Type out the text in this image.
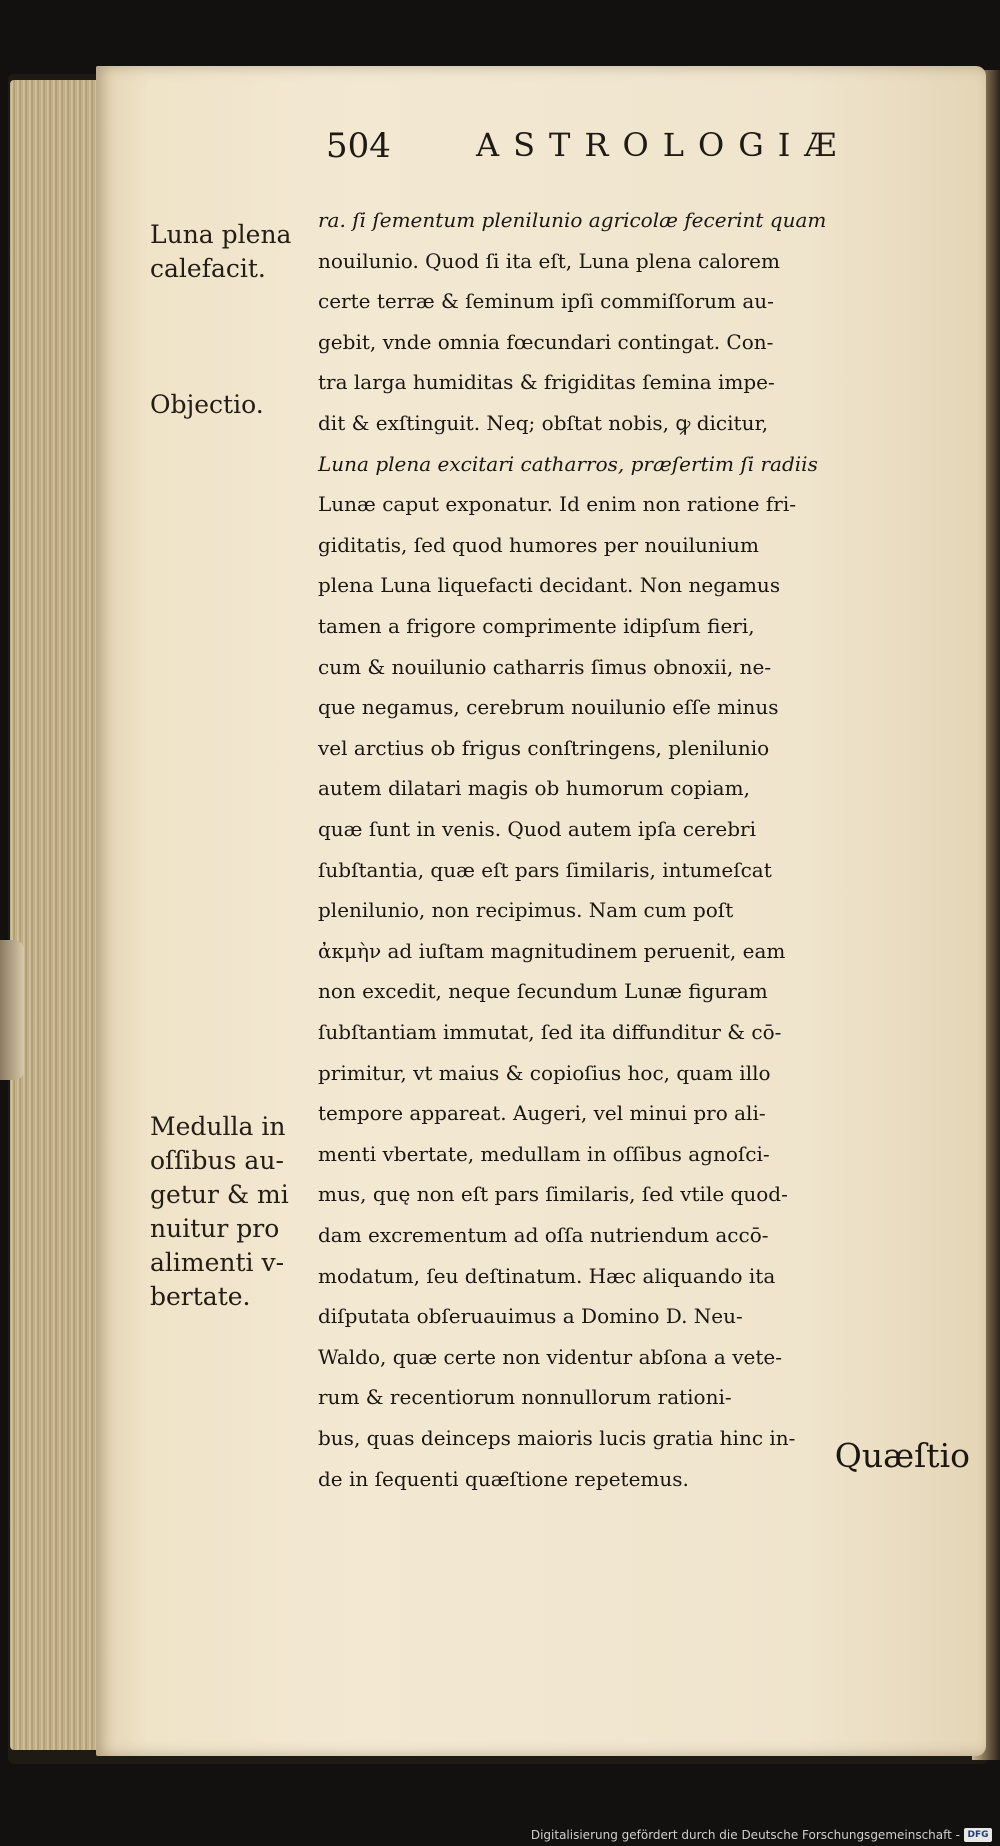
504	ASTROLOGIÆ
ra. ſi ſementum plenilunio agricolæ fecerint quam
nouilunio. Quod ſi ita eſt, Luna plena calorem
certe terræ & ſeminum ipſi commiſſorum au-
gebit, vnde omnia fœcundari contingat. Con-
tra larga humiditas & frigiditas ſemina impe-
dit & exſtinguit. Neq; obſtat nobis, ꝙ dicitur,
Luna plena excitari catharros, præſertim ſi radiis
Lunæ caput exponatur. Id enim non ratione fri-
giditatis, ſed quod humores per nouilunium
plena Luna liquefacti decidant. Non negamus
tamen a frigore comprimente idipſum fieri,
cum & nouilunio catharris ſimus obnoxii, ne-
que negamus, cerebrum nouilunio eſſe minus
vel arctius ob frigus conſtringens, plenilunio
autem dilatari magis ob humorum copiam,
quæ ſunt in venis. Quod autem ipſa cerebri
ſubſtantia, quæ eſt pars ſimilaris, intumeſcat
plenilunio, non recipimus. Nam cum poſt
ἀκμὴν ad iuſtam magnitudinem peruenit, eam
non excedit, neque ſecundum Lunæ figuram
ſubſtantiam immutat, ſed ita diffunditur & cō-
primitur, vt maius & copioſius hoc, quam illo
tempore appareat. Augeri, vel minui pro ali-
menti vbertate, medullam in oſſibus agnoſci-
mus, quę non eſt pars ſimilaris, ſed vtile quod-
dam excrementum ad oſſa nutriendum accō-
modatum, ſeu deſtinatum. Hæc aliquando ita
diſputata obſeruauimus a Domino D. Neu-
Waldo, quæ certe non videntur abſona a vete-
rum & recentiorum nonnullorum rationi-
bus, quas deinceps maioris lucis gratia hinc in-
de in ſequenti quæſtione repetemus.
Luna plena
calefacit.
Objectio.
Medulla in
oſſibus au-
getur & mi
nuitur pro
alimenti v-
bertate.
Quæſtio
Digitalisierung gefördert durch die Deutsche Forschungsgemeinschaft - DFG
